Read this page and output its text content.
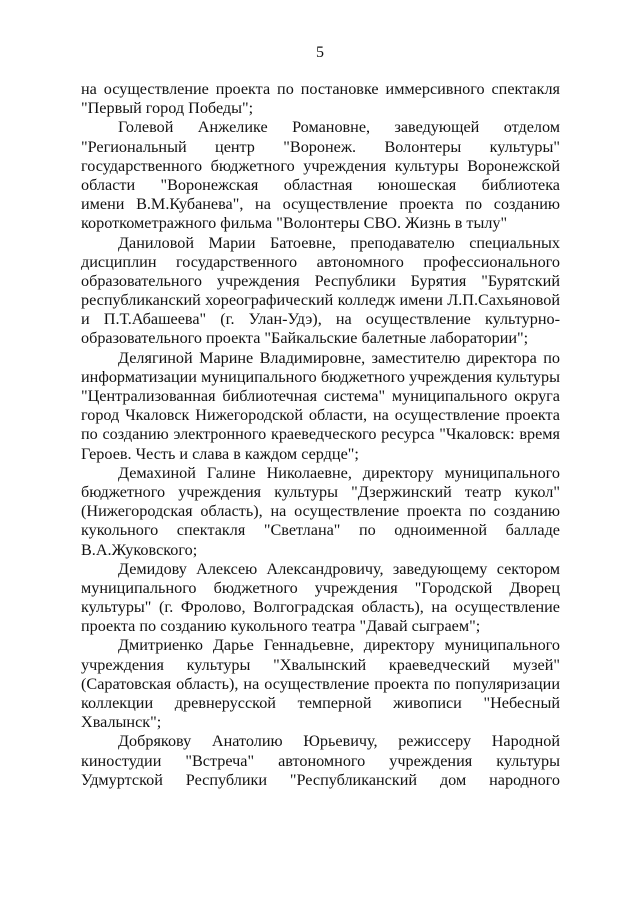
5
на осуществление проекта по постановке иммерсивного спектакля
"Первый город Победы";
Голевой Анжелике Романовне, заведующей отделом
"Региональный центр "Воронеж. Волонтеры культуры"
государственного бюджетного учреждения культуры Воронежской
области "Воронежская областная юношеская библиотека
имени В.М.Кубанева", на осуществление проекта по созданию
короткометражного фильма "Волонтеры СВО. Жизнь в тылу"
Даниловой Марии Батоевне, преподавателю специальных
дисциплин государственного автономного профессионального
образовательного учреждения Республики Бурятия "Бурятский
республиканский хореографический колледж имени Л.П.Сахьяновой
и П.Т.Абашеева" (г. Улан-Удэ), на осуществление культурно-
образовательного проекта "Байкальские балетные лаборатории";
Делягиной Марине Владимировне, заместителю директора по
информатизации муниципального бюджетного учреждения культуры
"Централизованная библиотечная система" муниципального округа
город Чкаловск Нижегородской области, на осуществление проекта
по созданию электронного краеведческого ресурса "Чкаловск: время
Героев. Честь и слава в каждом сердце";
Демахиной Галине Николаевне, директору муниципального
бюджетного учреждения культуры "Дзержинский театр кукол"
(Нижегородская область), на осуществление проекта по созданию
кукольного спектакля "Светлана" по одноименной балладе
В.А.Жуковского;
Демидову Алексею Александровичу, заведующему сектором
муниципального бюджетного учреждения "Городской Дворец
культуры" (г. Фролово, Волгоградская область), на осуществление
проекта по созданию кукольного театра "Давай сыграем";
Дмитриенко Дарье Геннадьевне, директору муниципального
учреждения культуры "Хвалынский краеведческий музей"
(Саратовская область), на осуществление проекта по популяризации
коллекции древнерусской темперной живописи "Небесный
Хвалынск";
Добрякову Анатолию Юрьевичу, режиссеру Народной
киностудии "Встреча" автономного учреждения культуры
Удмуртской Республики "Республиканский дом народного
